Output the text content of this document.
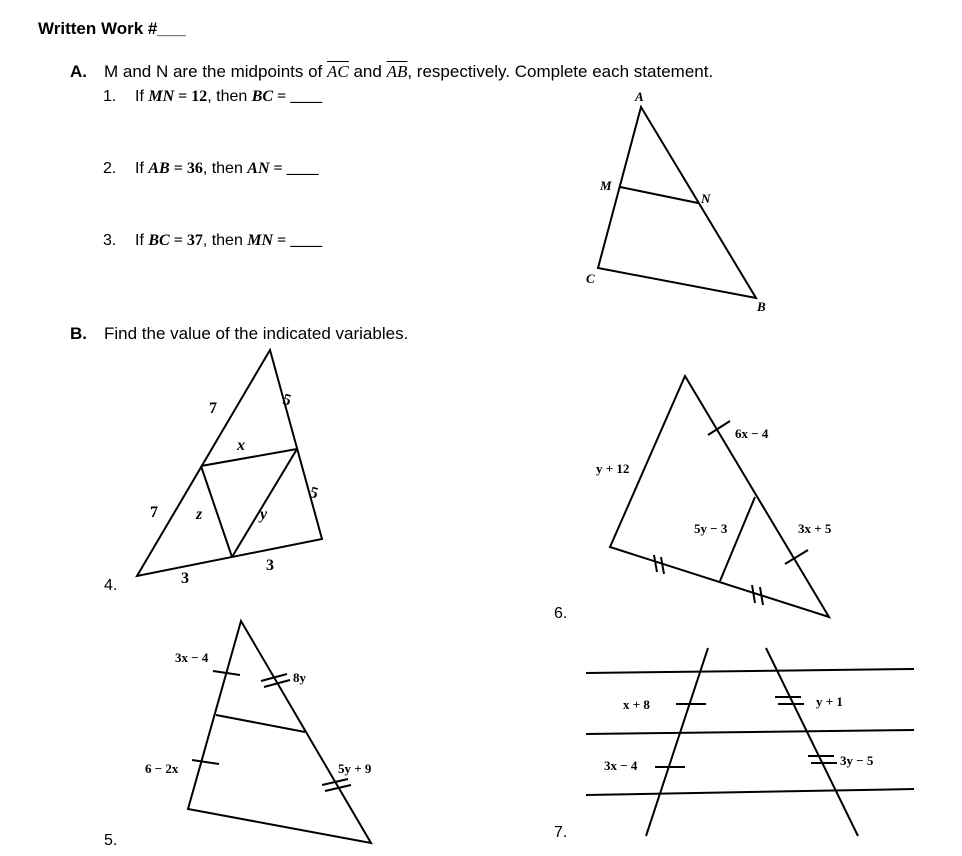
Written Work #___
A. M and N are the midpoints of $\overline{AC}$ and $\overline{AB}$, respectively. Complete each statement.
1. If MN = 12, then BC = ____
2. If AB = 36, then AN = ____
3. If BC = 37, then MN = ____
B. Find the value of the indicated variables.
4.
5.
6.
7.
A
M
N
C
B
7
7
5
5
3
3
x
y
z
3x − 4
6 − 2x
8y
5y + 9
y + 12
6x − 4
5y − 3	3x + 5
x + 8
3x − 4
y + 1
3y − 5
